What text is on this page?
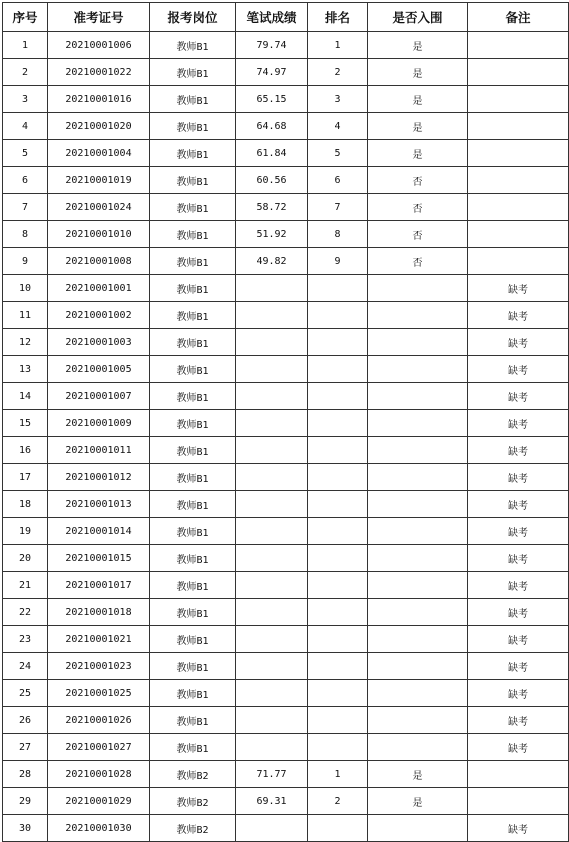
序号	准考证号	报考岗位	笔试成绩	排名	是否入围	备注
1	20210001006	教师B1	79.74	1	是	
2	20210001022	教师B1	74.97	2	是	
3	20210001016	教师B1	65.15	3	是	
4	20210001020	教师B1	64.68	4	是	
5	20210001004	教师B1	61.84	5	是	
6	20210001019	教师B1	60.56	6	否	
7	20210001024	教师B1	58.72	7	否	
8	20210001010	教师B1	51.92	8	否	
9	20210001008	教师B1	49.82	9	否	
10	20210001001	教师B1				缺考
11	20210001002	教师B1				缺考
12	20210001003	教师B1				缺考
13	20210001005	教师B1				缺考
14	20210001007	教师B1				缺考
15	20210001009	教师B1				缺考
16	20210001011	教师B1				缺考
17	20210001012	教师B1				缺考
18	20210001013	教师B1				缺考
19	20210001014	教师B1				缺考
20	20210001015	教师B1				缺考
21	20210001017	教师B1				缺考
22	20210001018	教师B1				缺考
23	20210001021	教师B1				缺考
24	20210001023	教师B1				缺考
25	20210001025	教师B1				缺考
26	20210001026	教师B1				缺考
27	20210001027	教师B1				缺考
28	20210001028	教师B2	71.77	1	是	
29	20210001029	教师B2	69.31	2	是	
30	20210001030	教师B2				缺考
